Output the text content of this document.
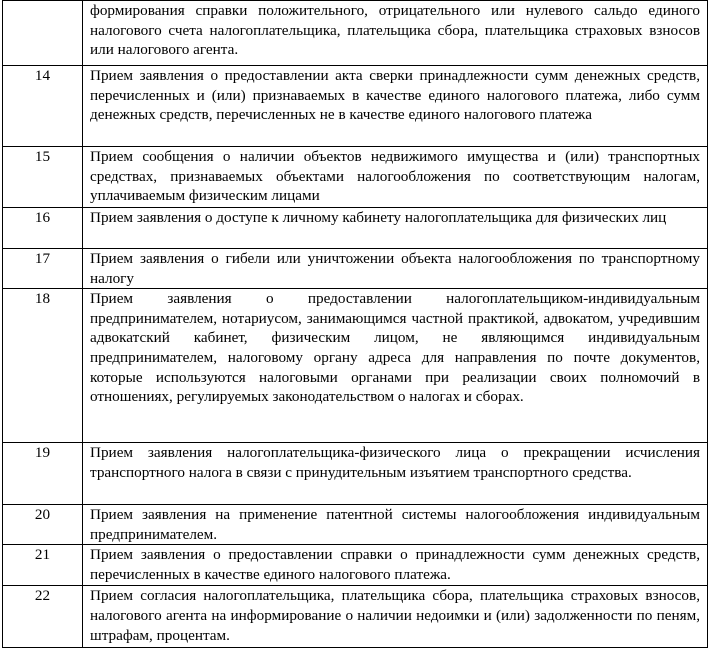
	формирования справки положительного, отрицательного или нулевого сальдо единого налогового счета налогоплательщика, плательщика сбора, плательщика страховых взносов или налогового агента.
14	Прием заявления о предоставлении акта сверки принадлежности сумм денежных средств, перечисленных и (или) признаваемых в качестве единого налогового платежа, либо сумм денежных средств, перечисленных не в качестве единого налогового платежа
15	Прием сообщения о наличии объектов недвижимого имущества и (или) транспортных средствах, признаваемых объектами налогообложения по соответствующим налогам, уплачиваемым физическим лицами
16	Прием заявления о доступе к личному кабинету налогоплательщика для физических лиц
17	Прием заявления о гибели или уничтожении объекта налогообложения по транспортному налогу
18	Прием заявления о предоставлении налогоплательщиком-индивидуальным предпринимателем, нотариусом, занимающимся частной практикой, адвокатом, учредившим адвокатский кабинет, физическим лицом, не являющимся индивидуальным предпринимателем, налоговому органу адреса для направления по почте документов, которые используются налоговыми органами при реализации своих полномочий в отношениях, регулируемых законодательством о налогах и сборах.
19	Прием заявления налогоплательщика-физического лица о прекращении исчисления транспортного налога в связи с принудительным изъятием транспортного средства.
20	Прием заявления на применение патентной системы налогообложения индивидуальным предпринимателем.
21	Прием заявления о предоставлении справки о принадлежности сумм денежных средств, перечисленных в качестве единого налогового платежа.
22	Прием согласия налогоплательщика, плательщика сбора, плательщика страховых взносов, налогового агента на информирование о наличии недоимки и (или) задолженности по пеням, штрафам, процентам.
